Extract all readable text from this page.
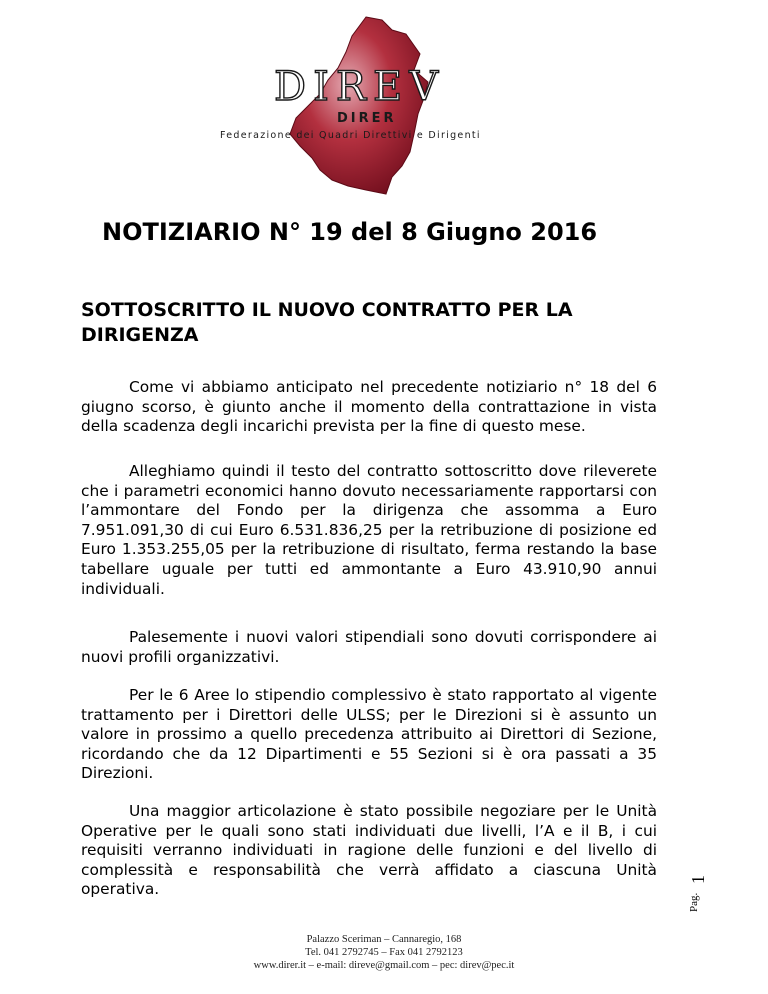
DIREV
DIRER
Federazione dei Quadri Direttivi e Dirigenti
NOTIZIARIO N° 19 del 8 Giugno 2016
SOTTOSCRITTO IL NUOVO CONTRATTO PER LA DIRIGENZA

Come vi abbiamo anticipato nel precedente notiziario n° 18 del 6 giugno scorso, è giunto anche il momento della contrattazione in vista della scadenza degli incarichi prevista per la fine di questo mese.

Alleghiamo quindi il testo del contratto sottoscritto dove rileverete che i parametri economici hanno dovuto necessariamente rapportarsi con l’ammontare del Fondo per la dirigenza che assomma a Euro 7.951.091,30 di cui Euro 6.531.836,25 per la retribuzione di posizione ed Euro 1.353.255,05 per la retribuzione di risultato, ferma restando la base tabellare uguale per tutti ed ammontante a Euro 43.910,90 annui individuali.

Palesemente i nuovi valori stipendiali sono dovuti corrispondere ai nuovi profili organizzativi.

Per le 6 Aree lo stipendio complessivo è stato rapportato al vigente trattamento per i Direttori delle ULSS; per le Direzioni si è assunto un valore in prossimo a quello precedenza attribuito ai Direttori di Sezione, ricordando che da 12 Dipartimenti e 55 Sezioni si è ora passati a 35 Direzioni.

Una maggior articolazione è stato possibile negoziare per le Unità Operative per le quali sono stati individuati due livelli, l’A e il B, i cui requisiti verranno individuati in ragione delle funzioni e del livello di complessità e responsabilità che verrà affidato a ciascuna Unità operativa.

Pag.
1
Palazzo Sceriman – Cannaregio, 168
Tel. 041 2792745 – Fax 041 2792123
www.direr.it – e-mail: direve@gmail.com – pec: direv@pec.it
